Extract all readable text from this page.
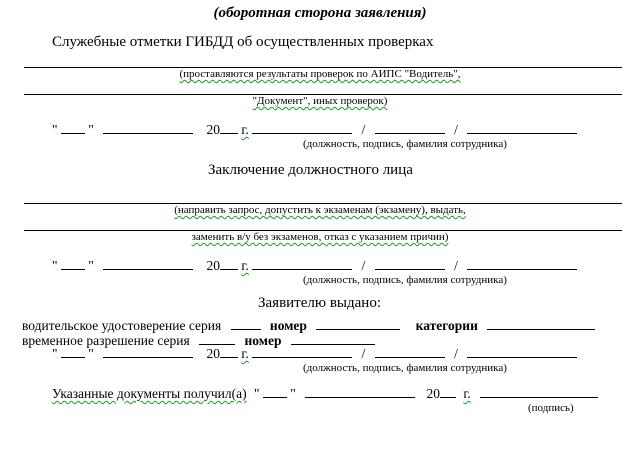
(оборотная сторона заявления)
Служебные отметки ГИБДД об осуществленных проверках
(проставляются результаты проверок по АИПС "Водитель",
"Документ", иных проверок)
" "	20 г.	/	/
(должность, подпись, фамилия сотрудника)
Заключение должностного лица
(направить запрос, допустить к экзаменам (экзамену), выдать,
заменить в/у без экзаменов, отказ с указанием причин)
" "	20 г.	/	/
(должность, подпись, фамилия сотрудника)
Заявителю выдано:
водительское удостоверение серия	номер	категории
временное разрешение серия	номер
" "	20 г.	/	/
(должность, подпись, фамилия сотрудника)
Указанные документы получил(а) " "	20 г.
(подпись)
